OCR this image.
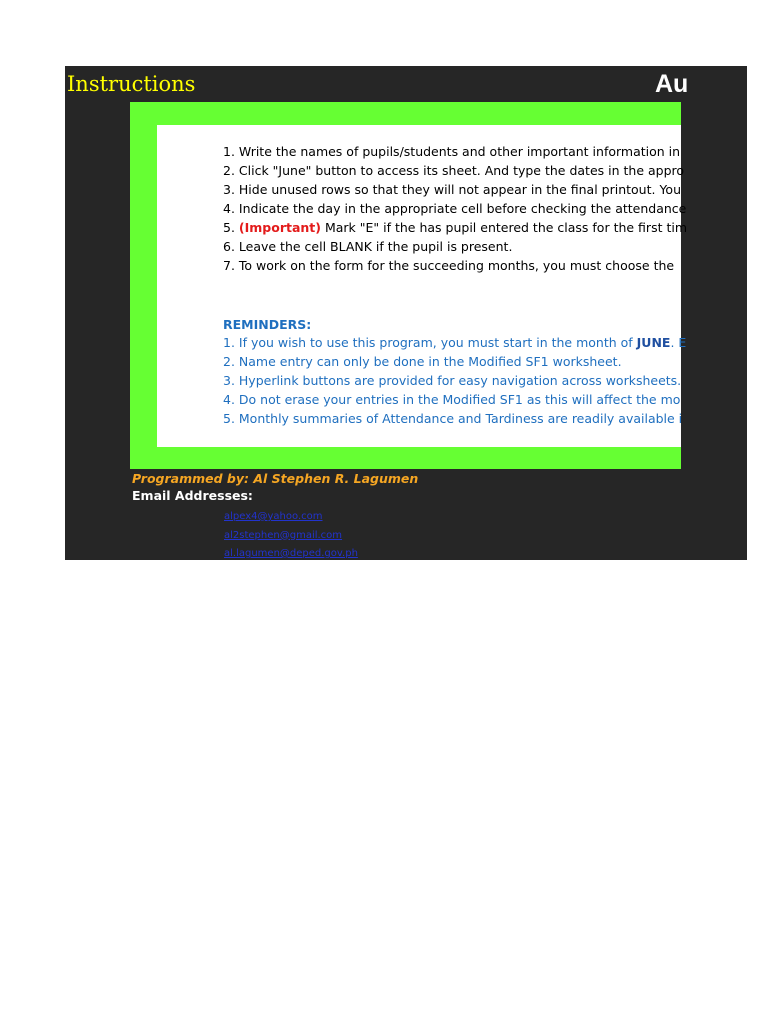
Instructions	Au
1. Write the names of pupils/students and other important information in
2. Click "June" button to access its sheet. And type the dates in the appro
3. Hide unused rows so that they will not appear in the final printout. You
4. Indicate the day in the appropriate cell before checking the attendance
5. (Important) Mark "E" if the has pupil entered the class for the first tim
6. Leave the cell BLANK if the pupil is present.
7. To work on the form for the succeeding months, you must choose the
REMINDERS:
1. If you wish to use this program, you must start in the month of JUNE. E
2. Name entry can only be done in the Modified SF1 worksheet.
3. Hyperlink buttons are provided for easy navigation across worksheets.
4. Do not erase your entries in the Modified SF1 as this will affect the mo
5. Monthly summaries of Attendance and Tardiness are readily available i
Programmed by: Al Stephen R. Lagumen
Email Addresses:
alpex4@yahoo.com
al2stephen@gmail.com
al.lagumen@deped.gov.ph
